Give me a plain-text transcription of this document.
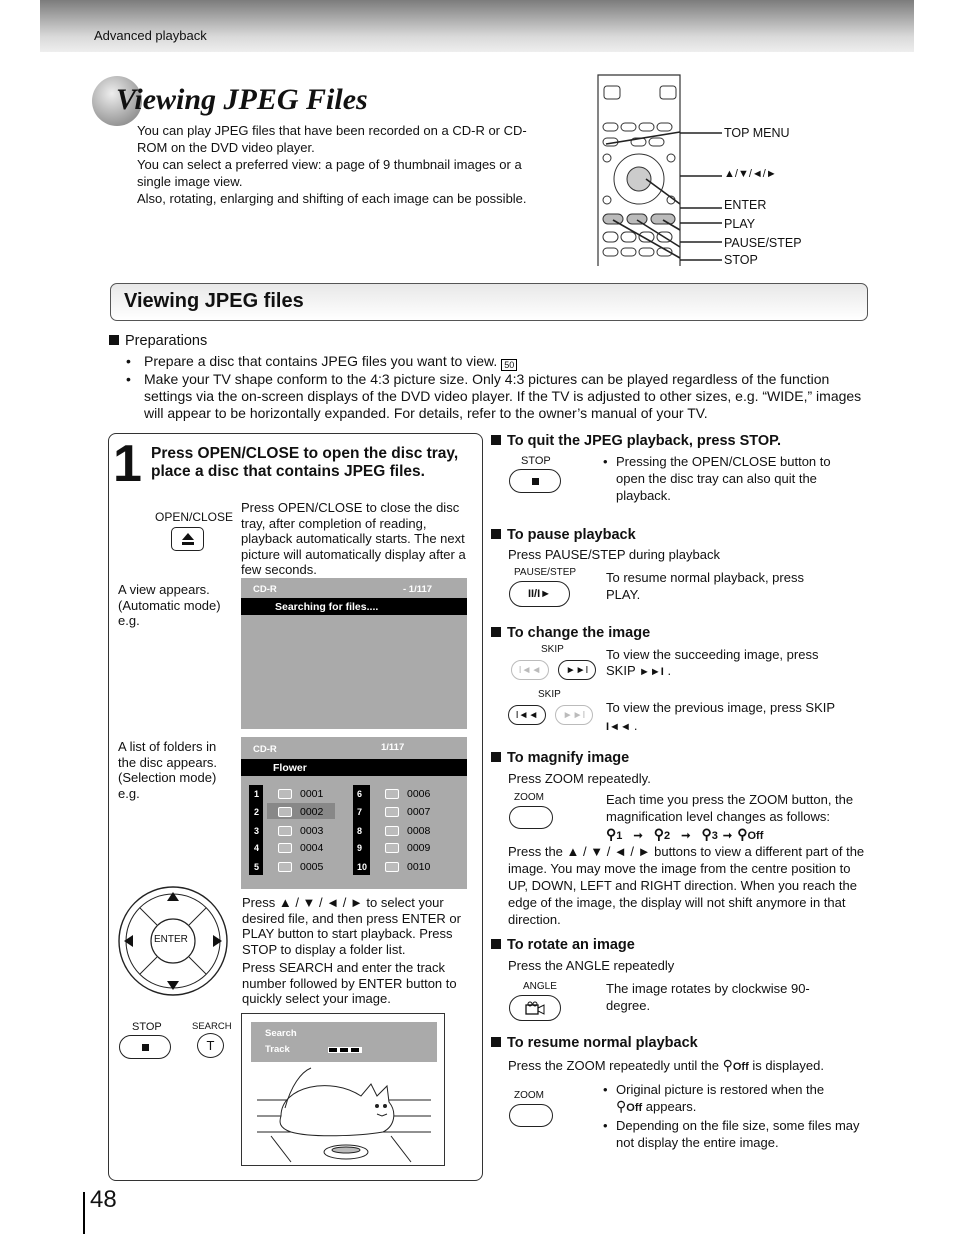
Advanced playback
Viewing JPEG Files

You can play JPEG files that have been recorded on a CD-R or CD-ROM on the DVD video player.

You can select a preferred view: a page of 9 thumbnail images or a single image view.

Also, rotating, enlarging and shifting of each image can be possible.

TOP MENU
▲/▼/◄/►
ENTER
PLAY
PAUSE/STEP
STOP
Viewing JPEG files
Preparations
• Prepare a disc that contains JPEG files you want to view. 50
• Make your TV shape conform to the 4:3 picture size. Only 4:3 pictures can be played regardless of the function settings via the on-screen displays of the DVD video player. If the TV is adjusted to other sizes, e.g. “WIDE,” images will appear to be horizontally expanded. For details, refer to the owner’s manual of your TV.
1 Press OPEN/CLOSE to open the disc tray, place a disc that contains JPEG files.
OPEN/CLOSE
Press OPEN/CLOSE to close the disc tray, after completion of reading, playback automatically starts. The next picture will automatically display after a few seconds.
A view appears. (Automatic mode) e.g.
CD-R	- 1/117
Searching for files....
A list of folders in the disc appears. (Selection mode) e.g.
CD-R	1/117
Flower
1	0001
2	0002
3	0003
4	0004
5	0005
6	0006
7	0007
8	0008
9	0009
10	0010
ENTER
Press ▲ / ▼ / ◄ / ► to select your desired file, and then press ENTER or PLAY button to start playback. Press STOP to display a folder list.
Press SEARCH and enter the track number followed by ENTER button to quickly select your image.
STOP	SEARCH
T
Search
Track
To quit the JPEG playback, press STOP.
STOP	• Pressing the OPEN/CLOSE button to open the disc tray can also quit the playback.
To pause playback
Press PAUSE/STEP during playback
PAUSE/STEP
II/I►
To resume normal playback, press
PLAY.
To change the image
SKIP
I◄◄ ►►I
To view the succeeding image, press
SKIP ►►I .
SKIP
I◄◄ ►►I To view the previous image, press SKIP
I◄◄ .
To magnify image
Press ZOOM repeatedly.
ZOOM	Each time you press the ZOOM button, the magnification level changes as follows:
⚲1 ➞ ⚲2 ➞ ⚲3 ➞ ⚲Off
Press the ▲ / ▼ / ◄ / ► buttons to view a different part of the image. You may move the image from the centre position to UP, DOWN, LEFT and RIGHT direction. When you reach the edge of the image, the display will not shift anymore in that direction.
To rotate an image
Press the ANGLE repeatedly
ANGLE	The image rotates by clockwise 90-degree.
To resume normal playback
Press the ZOOM repeatedly until the ⚲Off is displayed.
ZOOM	• Original picture is restored when the
⚲Off appears.
• Depending on the file size, some files may not display the entire image.
48
